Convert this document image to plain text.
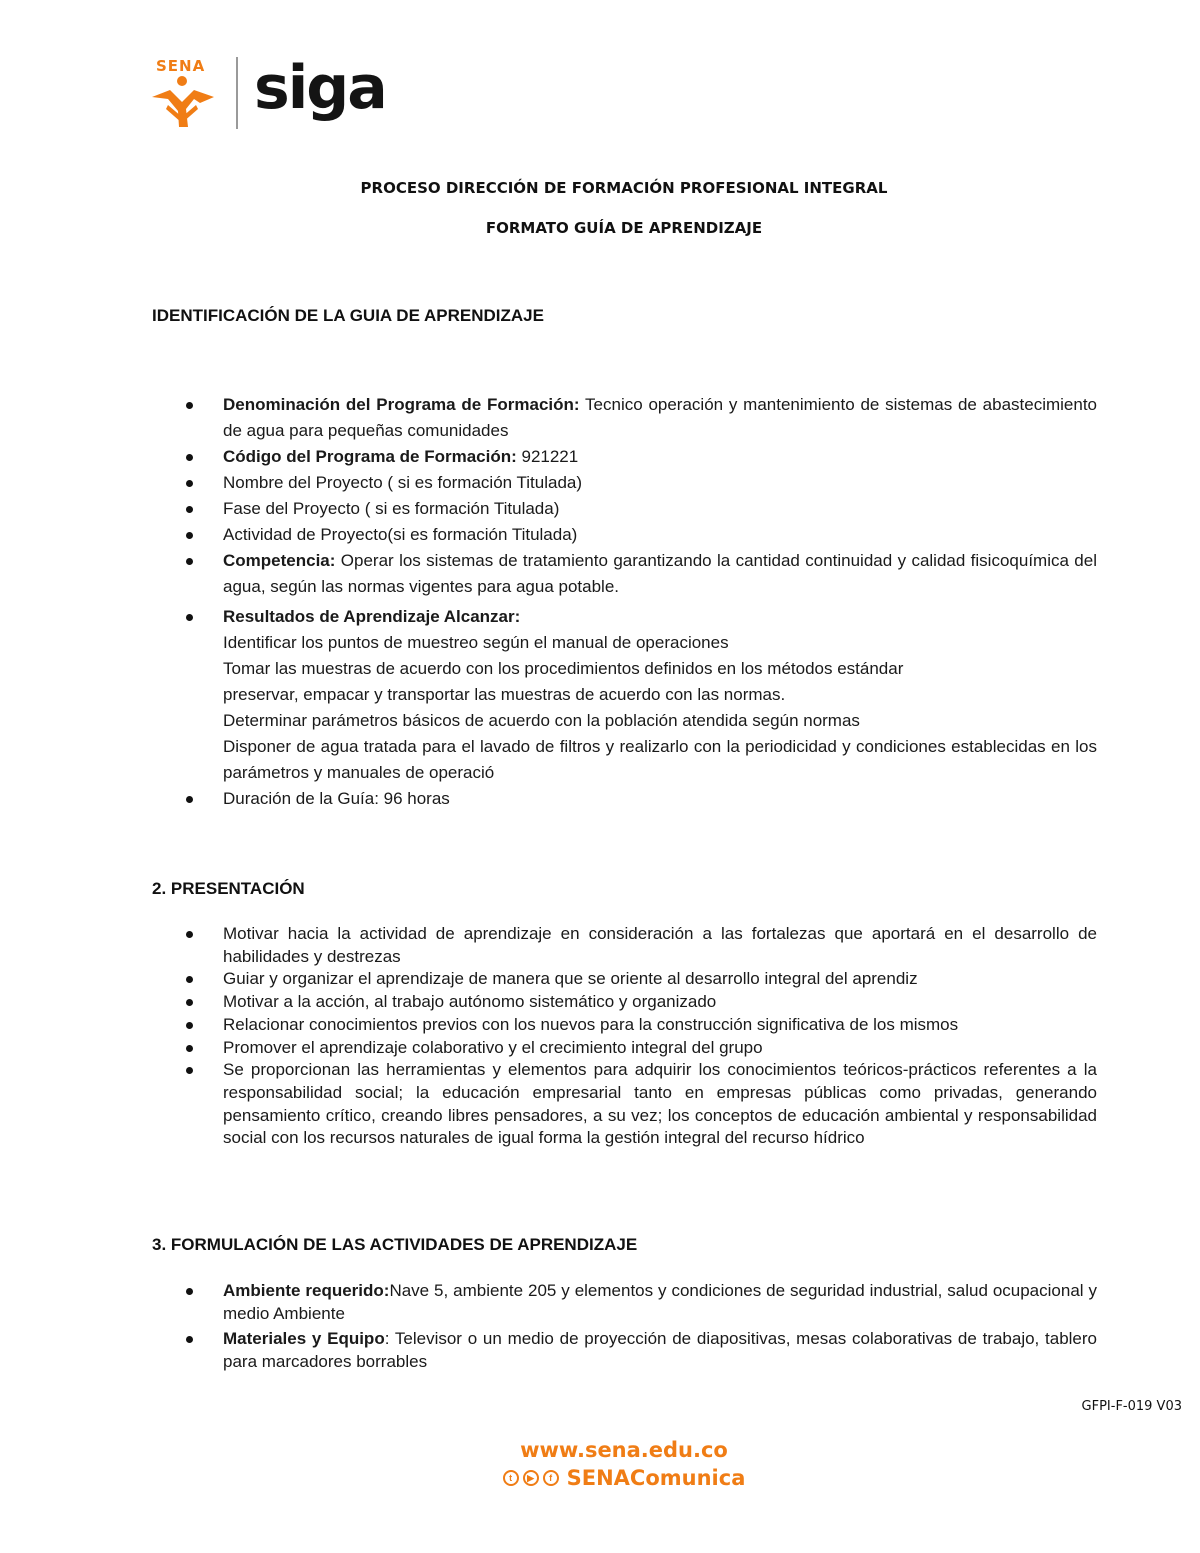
SENA siga
PROCESO DIRECCIÓN DE FORMACIÓN PROFESIONAL INTEGRAL
FORMATO GUÍA DE APRENDIZAJE
IDENTIFICACIÓN DE LA GUIA DE APRENDIZAJE
Denominación del Programa de Formación: Tecnico operación y mantenimiento de sistemas de abastecimiento de agua para pequeñas comunidades
Código del Programa de Formación: 921221
Nombre del Proyecto ( si es formación Titulada)
Fase del Proyecto ( si es formación Titulada)
Actividad de Proyecto(si es formación Titulada)
Competencia: Operar los sistemas de tratamiento garantizando la cantidad continuidad y calidad fisicoquímica del agua, según las normas vigentes para agua potable.
Resultados de Aprendizaje Alcanzar:
Identificar los puntos de muestreo según el manual de operaciones
Tomar las muestras de acuerdo con los procedimientos definidos en los métodos estándar
preservar, empacar y transportar las muestras de acuerdo con las normas.
Determinar parámetros básicos de acuerdo con la población atendida según normas
Disponer de agua tratada para el lavado de filtros y realizarlo con la periodicidad y condiciones establecidas en los parámetros y manuales de operació
Duración de la Guía: 96 horas
2. PRESENTACIÓN
Motivar hacia la actividad de aprendizaje en consideración a las fortalezas que aportará en el desarrollo de habilidades y destrezas
Guiar y organizar el aprendizaje de manera que se oriente al desarrollo integral del aprendiz
Motivar a la acción, al trabajo autónomo sistemático y organizado
Relacionar conocimientos previos con los nuevos para la construcción significativa de los mismos
Promover el aprendizaje colaborativo y el crecimiento integral del grupo
Se proporcionan las herramientas y elementos para adquirir los conocimientos teóricos-prácticos referentes a la responsabilidad social; la educación empresarial tanto en empresas públicas como privadas, generando pensamiento crítico, creando libres pensadores, a su vez; los conceptos de educación ambiental y responsabilidad social con los recursos naturales de igual forma la gestión integral del recurso hídrico
3. FORMULACIÓN DE LAS ACTIVIDADES DE APRENDIZAJE
Ambiente requerido:Nave 5, ambiente 205 y elementos y condiciones de seguridad industrial, salud ocupacional y medio Ambiente
Materiales y Equipo: Televisor o un medio de proyección de diapositivas, mesas colaborativas de trabajo, tablero para marcadores borrables
GFPI-F-019 V03
www.sena.edu.co
t	▶	f SENAComunica
